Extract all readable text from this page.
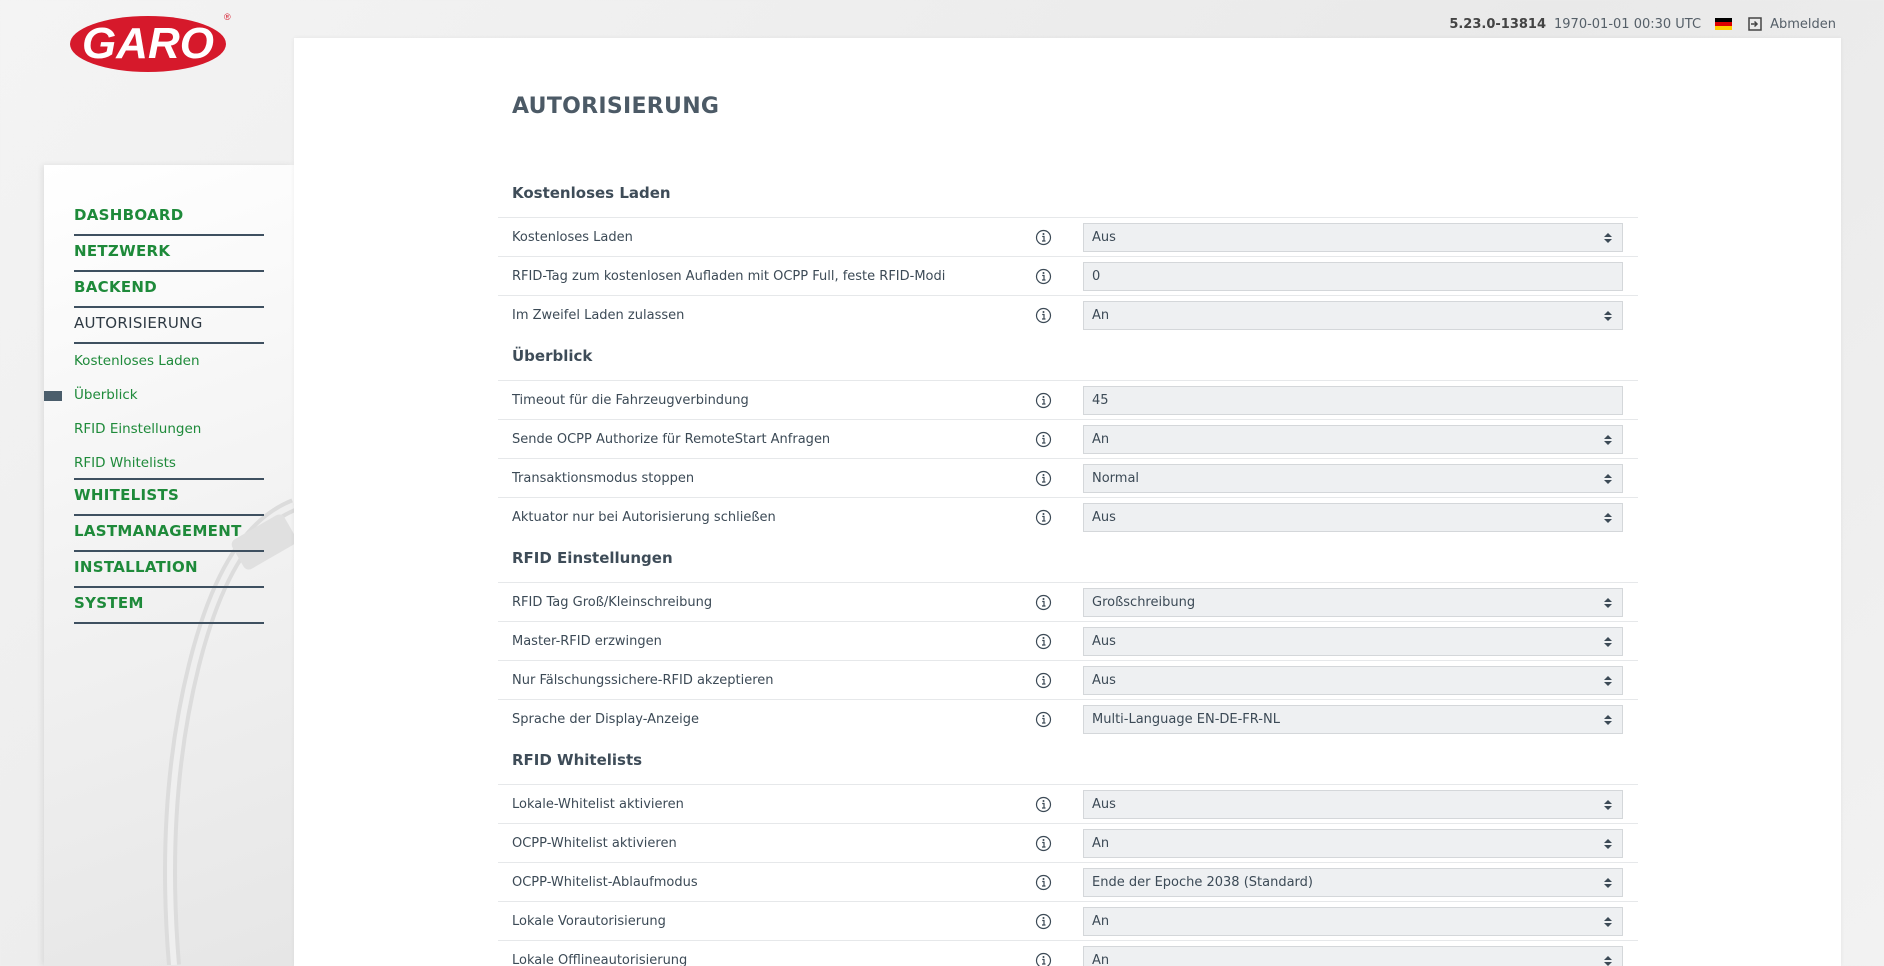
GARO
®	5.23.0-13814 1970-01-01 00:30 UTC	Abmelden
DASHBOARD
NETZWERK
BACKEND
AUTORISIERUNG
Kostenloses Laden
Überblick
RFID Einstellungen
RFID Whitelists
WHITELISTS
LASTMANAGEMENT
INSTALLATION
SYSTEM
AUTORISIERUNG
Kostenloses Laden
Kostenloses Laden	Aus
RFID-Tag zum kostenlosen Aufladen mit OCPP Full, feste RFID-Modi	0
Im Zweifel Laden zulassen	An
Überblick
Timeout für die Fahrzeugverbindung	45
Sende OCPP Authorize für RemoteStart Anfragen	An
Transaktionsmodus stoppen	Normal
Aktuator nur bei Autorisierung schließen	Aus
RFID Einstellungen
RFID Tag Groß/Kleinschreibung	Großschreibung
Master-RFID erzwingen	Aus
Nur Fälschungssichere-RFID akzeptieren	Aus
Sprache der Display-Anzeige	Multi-Language EN-DE-FR-NL
RFID Whitelists
Lokale-Whitelist aktivieren	Aus
OCPP-Whitelist aktivieren	An
OCPP-Whitelist-Ablaufmodus	Ende der Epoche 2038 (Standard)
Lokale Vorautorisierung	An
Lokale Offlineautorisierung	An
